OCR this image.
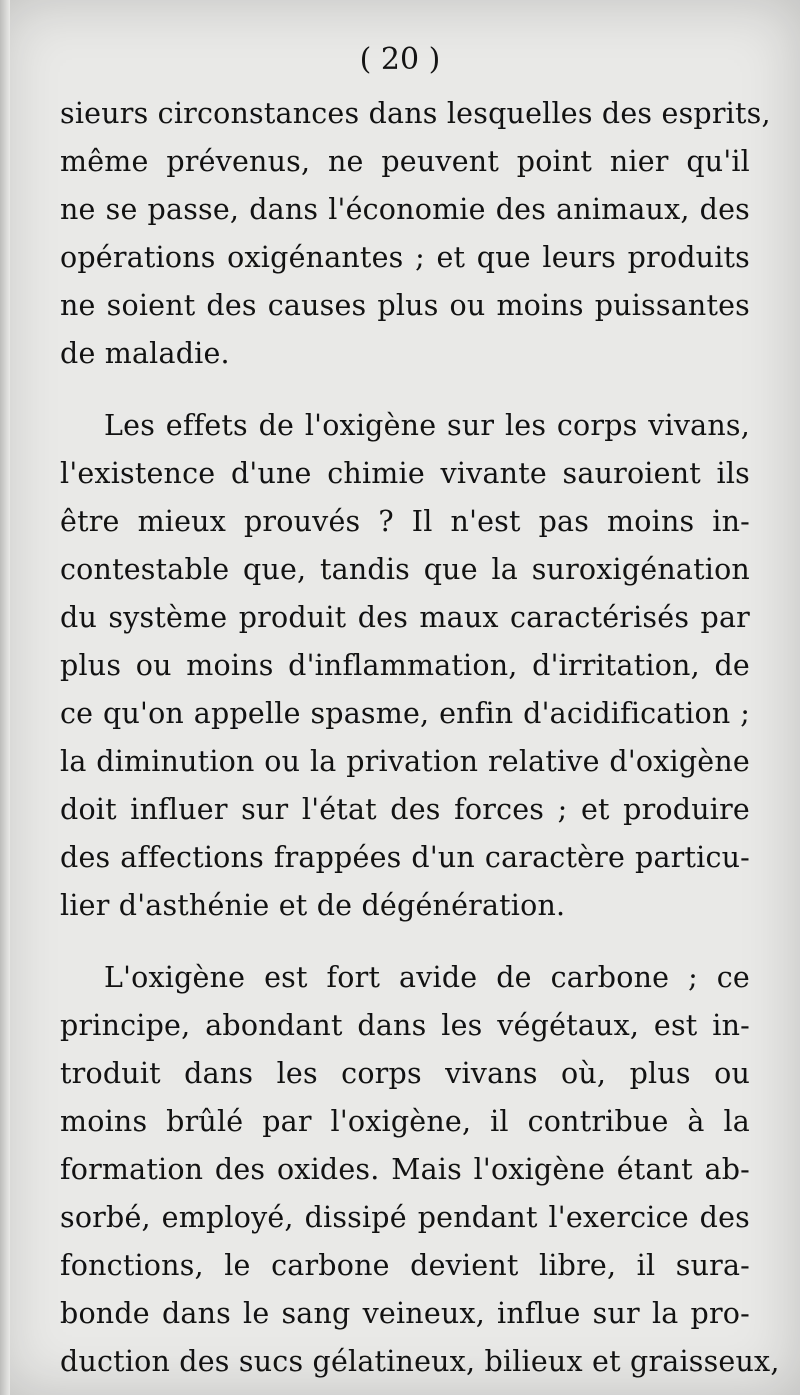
( 20 )
sieurs circonstances dans lesquelles des esprits,
même prévenus, ne peuvent point nier qu'il
ne se passe, dans l'économie des animaux, des
opérations oxigénantes ; et que leurs produits
ne soient des causes plus ou moins puissantes
de maladie.
Les effets de l'oxigène sur les corps vivans,
l'existence d'une chimie vivante sauroient ils
être mieux prouvés ? Il n'est pas moins in-
contestable que, tandis que la suroxigénation
du système produit des maux caractérisés par
plus ou moins d'inflammation, d'irritation, de
ce qu'on appelle spasme, enfin d'acidification ;
la diminution ou la privation relative d'oxigène
doit influer sur l'état des forces ; et produire
des affections frappées d'un caractère particu-
lier d'asthénie et de dégénération.
L'oxigène est fort avide de carbone ; ce
principe, abondant dans les végétaux, est in-
troduit dans les corps vivans où, plus ou
moins brûlé par l'oxigène, il contribue à la
formation des oxides. Mais l'oxigène étant ab-
sorbé, employé, dissipé pendant l'exercice des
fonctions, le carbone devient libre, il sura-
bonde dans le sang veineux, influe sur la pro-
duction des sucs gélatineux, bilieux et graisseux,
